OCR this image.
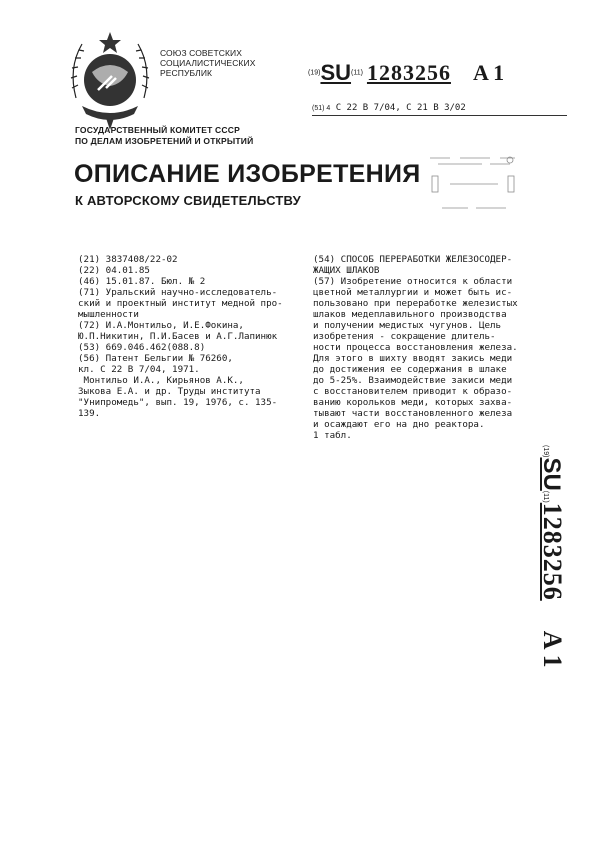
СОЮЗ СОВЕТСКИХ
СОЦИАЛИСТИЧЕСКИХ
РЕСПУБЛИК	(19)SU(11) 1283256 A 1
(51) 4 С 22 В 7/04, С 21 В 3/02
ГОСУДАРСТВЕННЫЙ КОМИТЕТ СССР
ПО ДЕЛАМ ИЗОБРЕТЕНИЙ И ОТКРЫТИЙ
ОПИСАНИЕ ИЗОБРЕТЕНИЯ
К АВТОРСКОМУ СВИДЕТЕЛЬСТВУ
(21) 3837408/22-02
(22) 04.01.85
(46) 15.01.87. Бюл. № 2
(71) Уральский научно-исследователь-
ский и проектный институт медной про-
мышленности
(72) И.А.Монтильо, И.Е.Фокина,
Ю.П.Никитин, П.И.Басев и А.Г.Лапинюк
(53) 669.046.462(088.8)
(56) Патент Бельгии № 76260,
кл. С 22 В 7/04, 1971.
Монтильо И.А., Кирьянов А.К.,
Зыкова Е.А. и др. Труды института
"Унипромедь", вып. 19, 1976, с. 135-
139.
(54) СПОСОБ ПЕРЕРАБОТКИ ЖЕЛЕЗОСОДЕР-
ЖАЩИХ ШЛАКОВ
(57) Изобретение относится к области
цветной металлургии и может быть ис-
пользовано при переработке железистых
шлаков медеплавильного производства
и получении медистых чугунов. Цель
изобретения - сокращение длитель-
ности процесса восстановления железа.
Для этого в шихту вводят закись меди
до достижения ее содержания в шлаке
до 5-25%. Взаимодействие закиси меди
с восстановителем приводит к образо-
ванию корольков меди, которых захва-
тывают части восстановленного железа
и осаждают его на дно реактора.
1 табл.
(19)SU(11)1283256A 1
